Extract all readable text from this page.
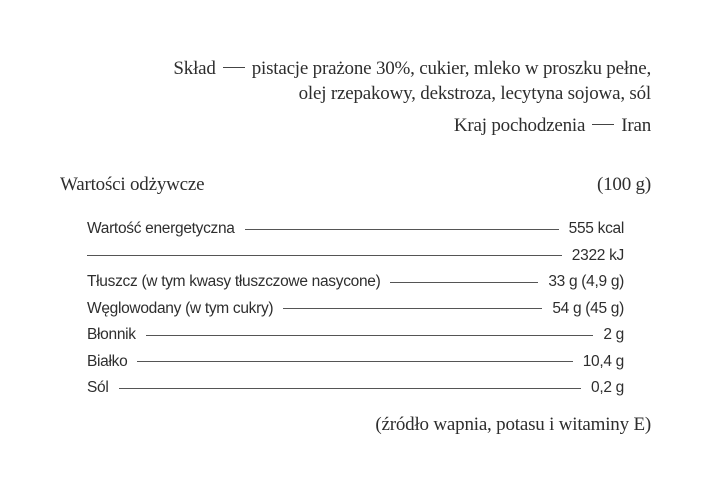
Skład pistacje prażone 30%, cukier, mleko w proszku pełne,
olej rzepakowy, dekstroza, lecytyna sojowa, sól
Kraj pochodzenia Iran
Wartości odżywcze	(100 g)
Wartość energetyczna	555 kcal
2322 kJ
Tłuszcz (w tym kwasy tłuszczowe nasycone)	33 g (4,9 g)
Węglowodany (w tym cukry)	54 g (45 g)
Błonnik	2 g
Białko	10,4 g
Sól	0,2 g
(źródło wapnia, potasu i witaminy E)
